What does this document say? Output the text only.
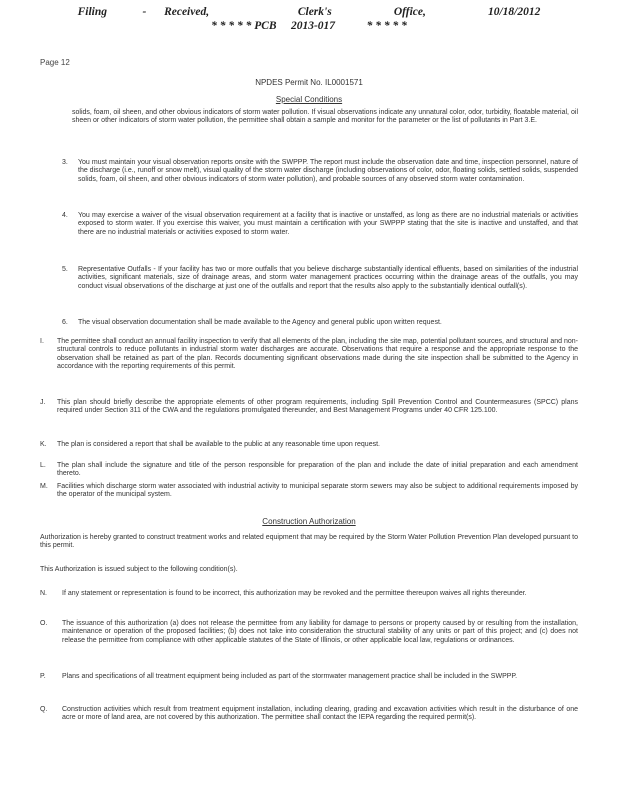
Filing    -  Received,          Clerk's       Office,       10/18/2012
* * * * * PCB     2013-017           * * * * *
Page 12
NPDES Permit No. IL0001571
Special Conditions

solids, foam, oil sheen, and other obvious indicators of storm water pollution. If visual observations indicate any unnatural color, odor, turbidity, floatable material, oil sheen or other indicators of storm water pollution, the permittee shall obtain a sample and monitor for the parameter or the list of pollutants in Part 3.E.

3. You must maintain your visual observation reports onsite with the SWPPP. The report must include the observation date and time, inspection personnel, nature of the discharge (i.e., runoff or snow melt), visual quality of the storm water discharge (including observations of color, odor, floating solids, settled solids, suspended solids, foam, oil sheen, and other obvious indicators of storm water pollution), and probable sources of any observed storm water contamination.

4. You may exercise a waiver of the visual observation requirement at a facility that is inactive or unstaffed, as long as there are no industrial materials or activities exposed to storm water. If you exercise this waiver, you must maintain a certification with your SWPPP stating that the site is inactive and unstaffed, and that there are no industrial materials or activities exposed to storm water.

5. Representative Outfalls - If your facility has two or more outfalls that you believe discharge substantially identical effluents, based on similarities of the industrial activities, significant materials, size of drainage areas, and storm water management practices occurring within the drainage areas of the outfalls, you may conduct visual observations of the discharge at just one of the outfalls and report that the results also apply to the substantially identical outfall(s).

6. The visual observation documentation shall be made available to the Agency and general public upon written request.

I. The permittee shall conduct an annual facility inspection to verify that all elements of the plan, including the site map, potential pollutant sources, and structural and non-structural controls to reduce pollutants in industrial storm water discharges are accurate. Observations that require a response and the appropriate response to the observation shall be retained as part of the plan. Records documenting significant observations made during the site inspection shall be submitted to the Agency in accordance with the reporting requirements of this permit.

J. This plan should briefly describe the appropriate elements of other program requirements, including Spill Prevention Control and Countermeasures (SPCC) plans required under Section 311 of the CWA and the regulations promulgated thereunder, and Best Management Programs under 40 CFR 125.100.

K. The plan is considered a report that shall be available to the public at any reasonable time upon request.

L. The plan shall include the signature and title of the person responsible for preparation of the plan and include the date of initial preparation and each amendment thereto.

M. Facilities which discharge storm water associated with industrial activity to municipal separate storm sewers may also be subject to additional requirements imposed by the operator of the municipal system.

Construction Authorization

Authorization is hereby granted to construct treatment works and related equipment that may be required by the Storm Water Pollution Prevention Plan developed pursuant to this permit.

This Authorization is issued subject to the following condition(s).

N. If any statement or representation is found to be incorrect, this authorization may be revoked and the permittee thereupon waives all rights thereunder.

O. The issuance of this authorization (a) does not release the permittee from any liability for damage to persons or property caused by or resulting from the installation, maintenance or operation of the proposed facilities; (b) does not take into consideration the structural stability of any units or part of this project; and (c) does not release the permittee from compliance with other applicable statutes of the State of Illinois, or other applicable local law, regulations or ordinances.

P. Plans and specifications of all treatment equipment being included as part of the stormwater management practice shall be included in the SWPPP.

Q. Construction activities which result from treatment equipment installation, including clearing, grading and excavation activities which result in the disturbance of one acre or more of land area, are not covered by this authorization. The permittee shall contact the IEPA regarding the required permit(s).
